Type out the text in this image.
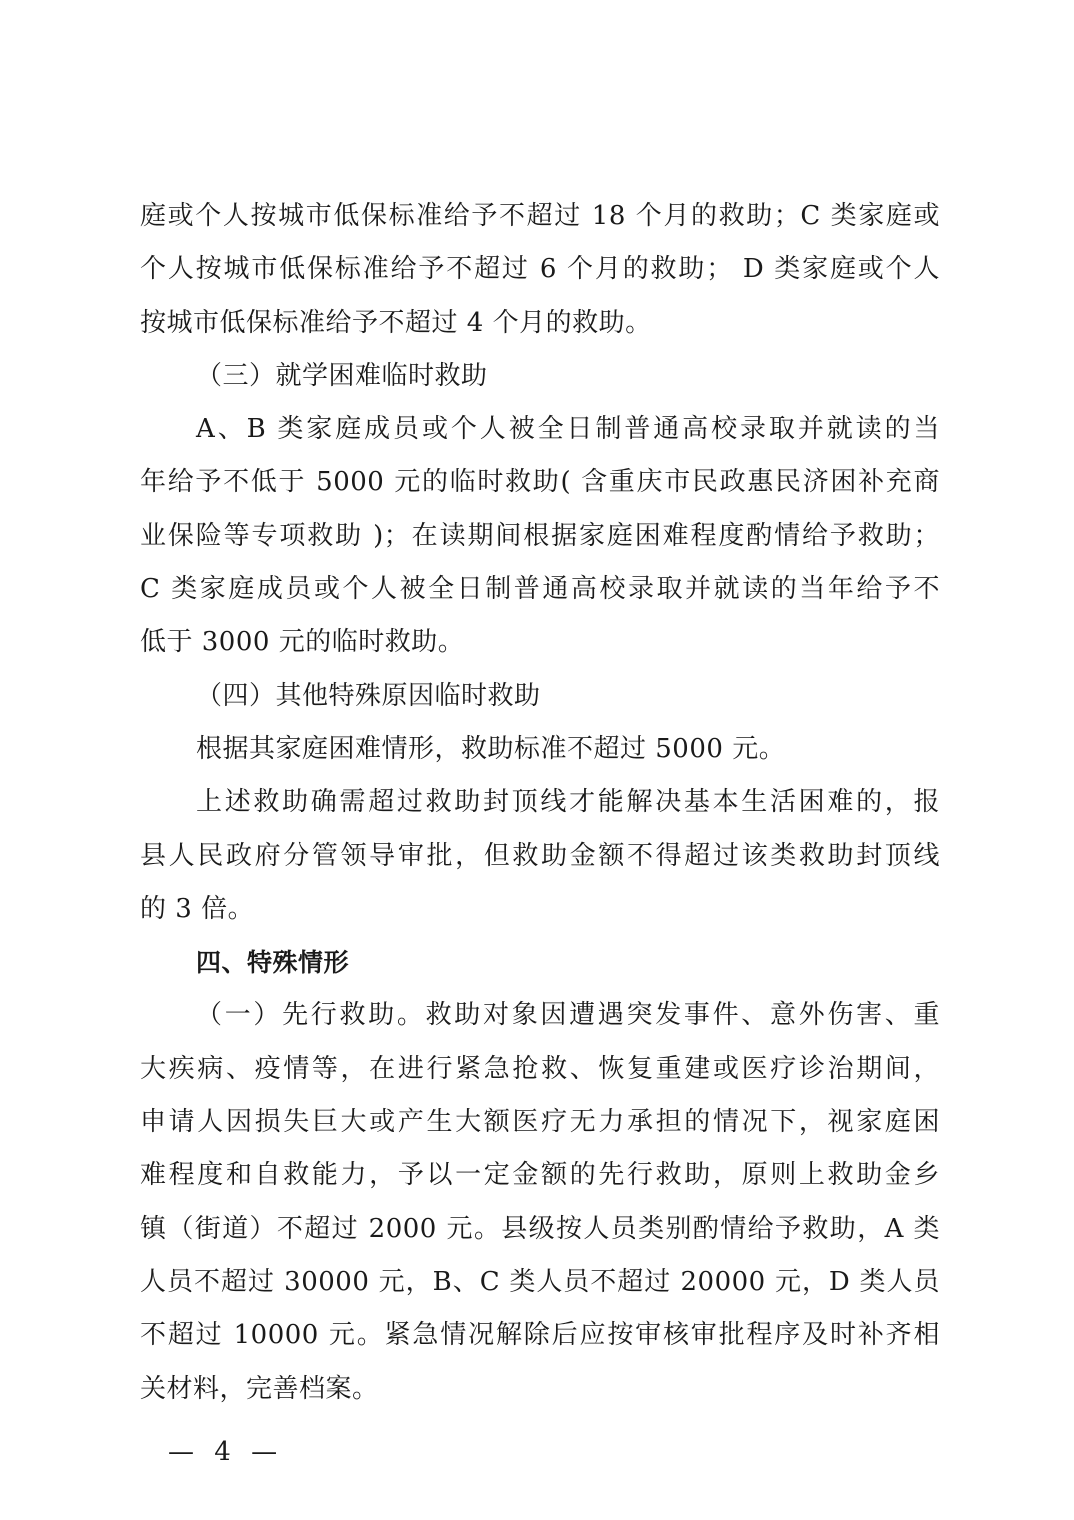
庭或个人按城市低保标准给予不超过 18 个月的救助；C 类家庭或
个人按城市低保标准给予不超过 6 个月的救助； D 类家庭或个人
按城市低保标准给予不超过 4 个月的救助。
（三）就学困难临时救助
A、B 类家庭成员或个人被全日制普通高校录取并就读的当
年给予不低于 5000 元的临时救助( 含重庆市民政惠民济困补充商
业保险等专项救助 )；在读期间根据家庭困难程度酌情给予救助；
C 类家庭成员或个人被全日制普通高校录取并就读的当年给予不
低于 3000 元的临时救助。
（四）其他特殊原因临时救助
根据其家庭困难情形，救助标准不超过 5000 元。
上述救助确需超过救助封顶线才能解决基本生活困难的，报
县人民政府分管领导审批，但救助金额不得超过该类救助封顶线
的 3 倍。
四、特殊情形
（一）先行救助。救助对象因遭遇突发事件、意外伤害、重
大疾病、疫情等，在进行紧急抢救、恢复重建或医疗诊治期间，
申请人因损失巨大或产生大额医疗无力承担的情况下，视家庭困
难程度和自救能力，予以一定金额的先行救助，原则上救助金乡
镇（街道）不超过 2000 元。县级按人员类别酌情给予救助，A 类
人员不超过 30000 元，B、C 类人员不超过 20000 元，D 类人员
不超过 10000 元。紧急情况解除后应按审核审批程序及时补齐相
关材料，完善档案。
— 4 —
